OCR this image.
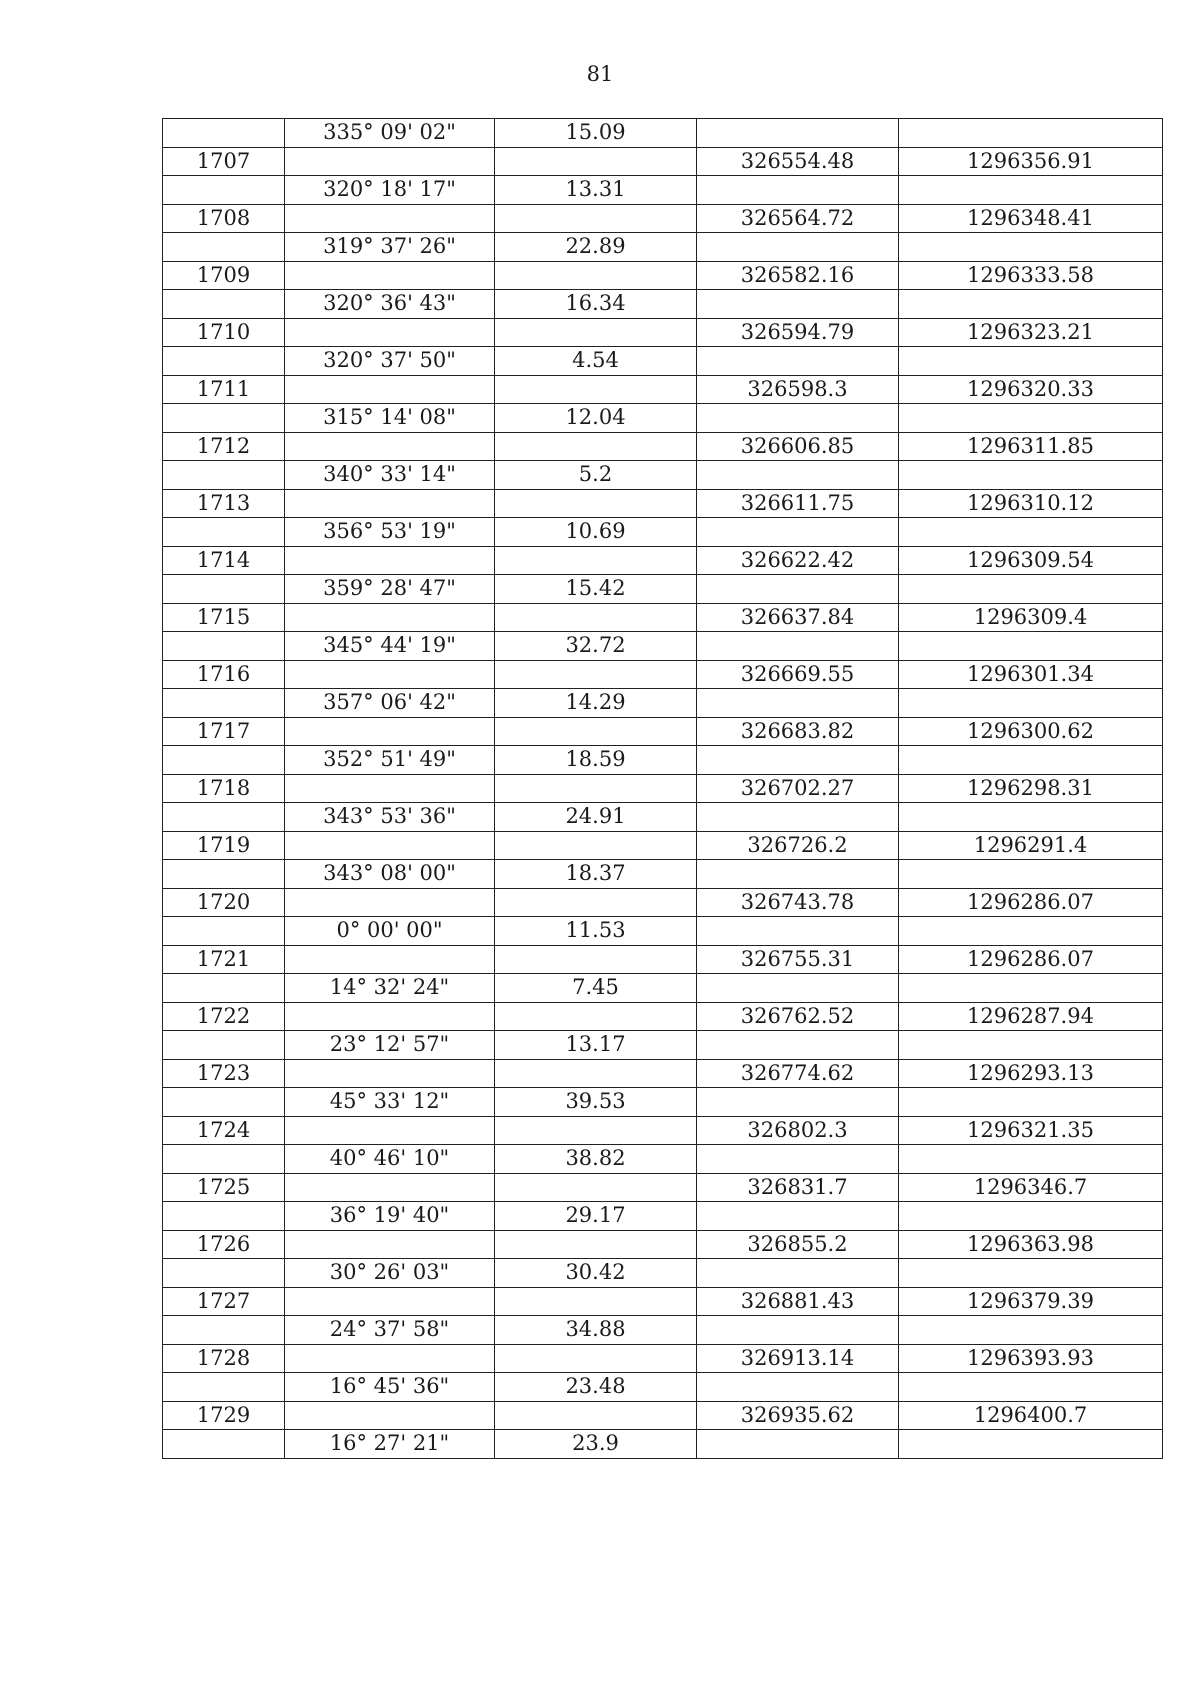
81
	335° 09' 02"	15.09		
1707			326554.48	1296356.91
	320° 18' 17"	13.31		
1708			326564.72	1296348.41
	319° 37' 26"	22.89		
1709			326582.16	1296333.58
	320° 36' 43"	16.34		
1710			326594.79	1296323.21
	320° 37' 50"	4.54		
1711			326598.3	1296320.33
	315° 14' 08"	12.04		
1712			326606.85	1296311.85
	340° 33' 14"	5.2		
1713			326611.75	1296310.12
	356° 53' 19"	10.69		
1714			326622.42	1296309.54
	359° 28' 47"	15.42		
1715			326637.84	1296309.4
	345° 44' 19"	32.72		
1716			326669.55	1296301.34
	357° 06' 42"	14.29		
1717			326683.82	1296300.62
	352° 51' 49"	18.59		
1718			326702.27	1296298.31
	343° 53' 36"	24.91		
1719			326726.2	1296291.4
	343° 08' 00"	18.37		
1720			326743.78	1296286.07
	0° 00' 00"	11.53		
1721			326755.31	1296286.07
	14° 32' 24"	7.45		
1722			326762.52	1296287.94
	23° 12' 57"	13.17		
1723			326774.62	1296293.13
	45° 33' 12"	39.53		
1724			326802.3	1296321.35
	40° 46' 10"	38.82		
1725			326831.7	1296346.7
	36° 19' 40"	29.17		
1726			326855.2	1296363.98
	30° 26' 03"	30.42		
1727			326881.43	1296379.39
	24° 37' 58"	34.88		
1728			326913.14	1296393.93
	16° 45' 36"	23.48		
1729			326935.62	1296400.7
	16° 27' 21"	23.9		
